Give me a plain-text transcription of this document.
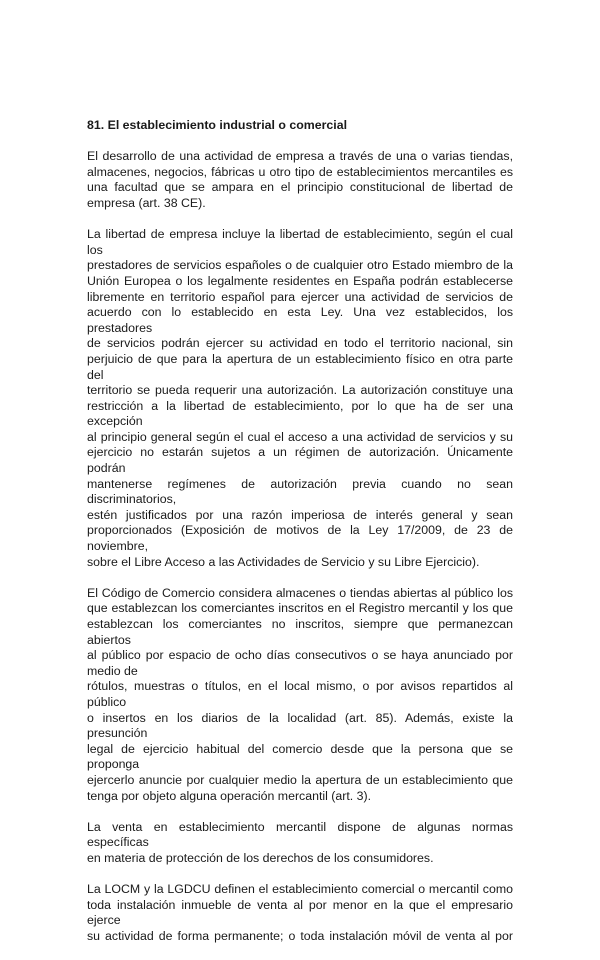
81. El establecimiento industrial o comercial
El desarrollo de una actividad de empresa a través de una o varias tiendas,
almacenes, negocios, fábricas u otro tipo de establecimientos mercantiles es
una facultad que se ampara en el principio constitucional de libertad de
empresa (art. 38 CE).
La libertad de empresa incluye la libertad de establecimiento, según el cual los
prestadores de servicios españoles o de cualquier otro Estado miembro de la
Unión Europea o los legalmente residentes en España podrán establecerse
libremente en territorio español para ejercer una actividad de servicios de
acuerdo con lo establecido en esta Ley. Una vez establecidos, los prestadores
de servicios podrán ejercer su actividad en todo el territorio nacional, sin
perjuicio de que para la apertura de un establecimiento físico en otra parte del
territorio se pueda requerir una autorización. La autorización constituye una
restricción a la libertad de establecimiento, por lo que ha de ser una excepción
al principio general según el cual el acceso a una actividad de servicios y su
ejercicio no estarán sujetos a un régimen de autorización. Únicamente podrán
mantenerse regímenes de autorización previa cuando no sean discriminatorios,
estén justificados por una razón imperiosa de interés general y sean
proporcionados (Exposición de motivos de la Ley 17/2009, de 23 de noviembre,
sobre el Libre Acceso a las Actividades de Servicio y su Libre Ejercicio).
El Código de Comercio considera almacenes o tiendas abiertas al público los
que establezcan los comerciantes inscritos en el Registro mercantil y los que
establezcan los comerciantes no inscritos, siempre que permanezcan abiertos
al público por espacio de ocho días consecutivos o se haya anunciado por
medio de
rótulos, muestras o títulos, en el local mismo, o por avisos repartidos al público
o insertos en los diarios de la localidad (art. 85). Además, existe la presunción
legal de ejercicio habitual del comercio desde que la persona que se proponga
ejercerlo anuncie por cualquier medio la apertura de un establecimiento que
tenga por objeto alguna operación mercantil (art. 3).
La venta en establecimiento mercantil dispone de algunas normas específicas
en materia de protección de los derechos de los consumidores.
La LOCM y la LGDCU definen el establecimiento comercial o mercantil como
toda instalación inmueble de venta al por menor en la que el empresario ejerce
su actividad de forma permanente; o toda instalación móvil de venta al por
